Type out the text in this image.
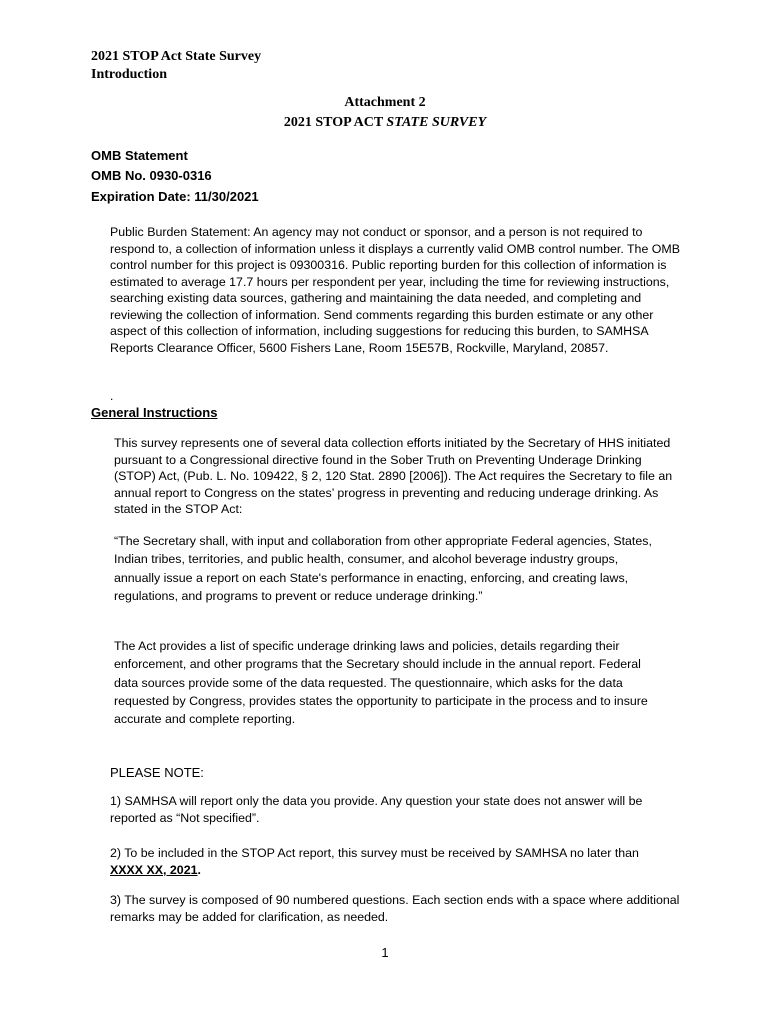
2021 STOP Act State Survey
Introduction
Attachment 2
2021 STOP ACT STATE SURVEY
OMB Statement
OMB No. 0930-0316
Expiration Date: 11/30/2021
Public Burden Statement: An agency may not conduct or sponsor, and a person is not required to respond to, a collection of information unless it displays a currently valid OMB control number. The OMB control number for this project is 09300316. Public reporting burden for this collection of information is estimated to average 17.7 hours per respondent per year, including the time for reviewing instructions, searching existing data sources, gathering and maintaining the data needed, and completing and reviewing the collection of information. Send comments regarding this burden estimate or any other aspect of this collection of information, including suggestions for reducing this burden, to SAMHSA Reports Clearance Officer, 5600 Fishers Lane, Room 15E57B, Rockville, Maryland, 20857.
.
General Instructions
This survey represents one of several data collection efforts initiated by the Secretary of HHS initiated pursuant to a Congressional directive found in the Sober Truth on Preventing Underage Drinking (STOP) Act, (Pub. L. No. 109422, § 2, 120 Stat. 2890 [2006]). The Act requires the Secretary to file an annual report to Congress on the states’ progress in preventing and reducing underage drinking. As stated in the STOP Act:
“The Secretary shall, with input and collaboration from other appropriate Federal agencies, States, Indian tribes, territories, and public health, consumer, and alcohol beverage industry groups, annually issue a report on each State's performance in enacting, enforcing, and creating laws, regulations, and programs to prevent or reduce underage drinking.”
The Act provides a list of specific underage drinking laws and policies, details regarding their enforcement, and other programs that the Secretary should include in the annual report. Federal data sources provide some of the data requested. The questionnaire, which asks for the data requested by Congress, provides states the opportunity to participate in the process and to insure accurate and complete reporting.
PLEASE NOTE:
1) SAMHSA will report only the data you provide. Any question your state does not answer will be reported as “Not specified”.
2) To be included in the STOP Act report, this survey must be received by SAMHSA no later than XXXX XX, 2021.
3) The survey is composed of 90 numbered questions. Each section ends with a space where additional remarks may be added for clarification, as needed.
1
